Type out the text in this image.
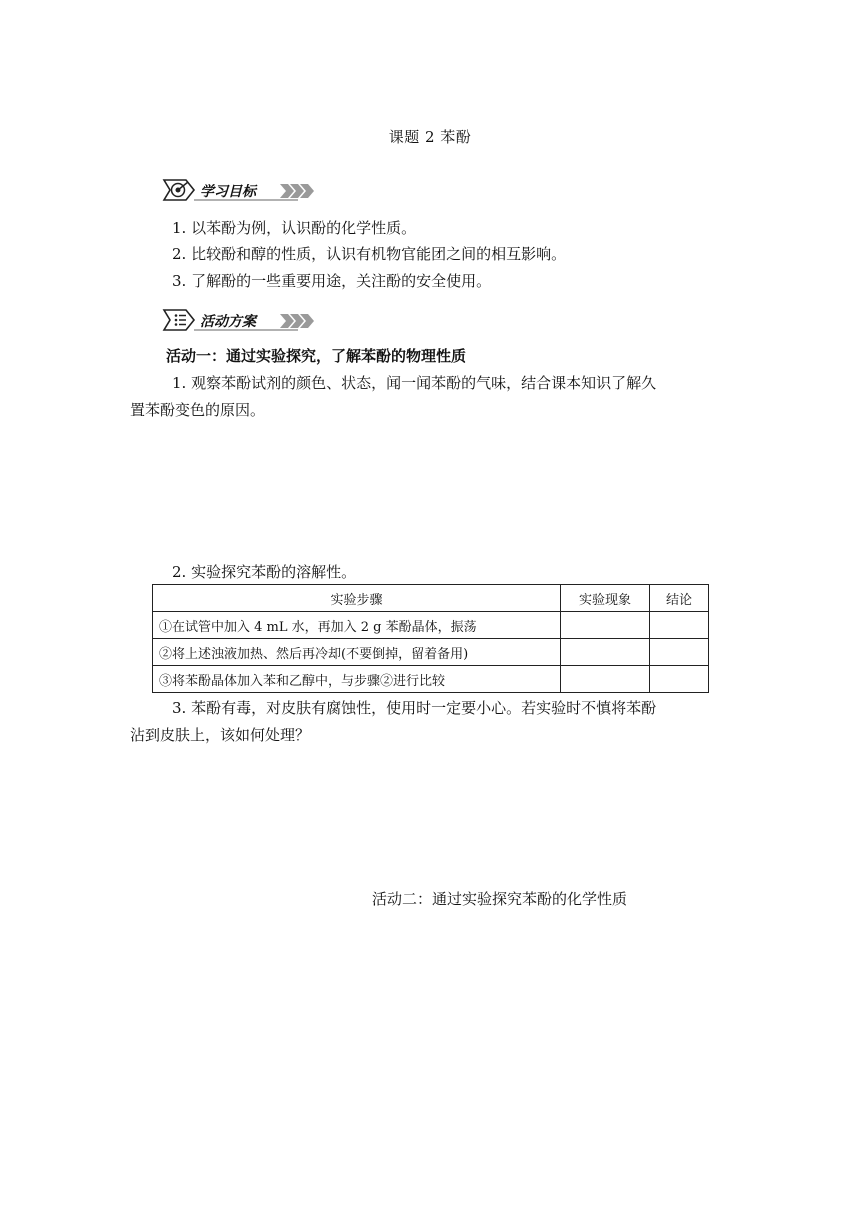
课题 2 苯酚
学习目标
1. 以苯酚为例，认识酚的化学性质。
2. 比较酚和醇的性质，认识有机物官能团之间的相互影响。
3. 了解酚的一些重要用途，关注酚的安全使用。
活动方案
活动一：通过实验探究，了解苯酚的物理性质
1. 观察苯酚试剂的颜色、状态，闻一闻苯酚的气味，结合课本知识了解久
置苯酚变色的原因。
2. 实验探究苯酚的溶解性。
实验步骤	实验现象	结论
①在试管中加入 4 mL 水，再加入 2 g 苯酚晶体，振荡		
②将上述浊液加热、然后再冷却(不要倒掉，留着备用)		
③将苯酚晶体加入苯和乙醇中，与步骤②进行比较		
3. 苯酚有毒，对皮肤有腐蚀性，使用时一定要小心。若实验时不慎将苯酚
沾到皮肤上，该如何处理？
活动二：通过实验探究苯酚的化学性质
